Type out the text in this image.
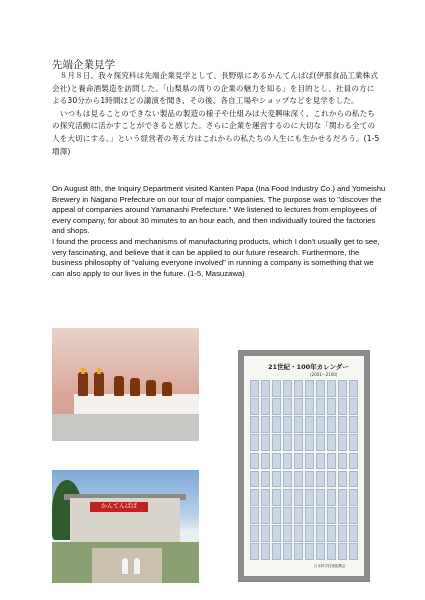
先端企業見学
　８月８日、我々探究科は先端企業見学として、長野県にあるかんてんぱぱ(伊那食品工業株式会社)と養命酒製造を訪問した。「山梨県の周りの企業の魅力を知る」を目的とし、社員の方による30分から1時間ほどの講演を聞き、その後、各自工場やショップなどを見学をした。
　いつもは見ることのできない製品の製造の様子や仕組みは大変興味深く、これからの私たちの探究活動に活かすことができると感じた。さらに企業を運営するのに大切な「関わる全ての人を大切にする。」という経営者の考え方はこれからの私たちの人生にも生かせるだろう。(1-5　増澤)
On August 8th, the Inquiry Department visited Kanten Papa (Ina Food Industry Co.) and Yomeishu Brewery in Nagano Prefecture on our tour of major companies. The purpose was to "discover the appeal of companies around Yamanashi Prefecture." We listened to lectures from employees of every company, for about 30 minutes to an hour each, and then individually toured the factories and shops.
I found the process and mechanisms of manufacturing products, which I don't usually get to see, very fascinating, and believe that it can be applied to our future research. Furthermore, the business philosophy of "valuing everyone involved" in running a company is something that we can also apply to our lives in the future. (1-5, Masuzawa)
21世紀・100年カレンダー
(2001〜2100)
日本科学技術振興会
かんてんぱぱ
